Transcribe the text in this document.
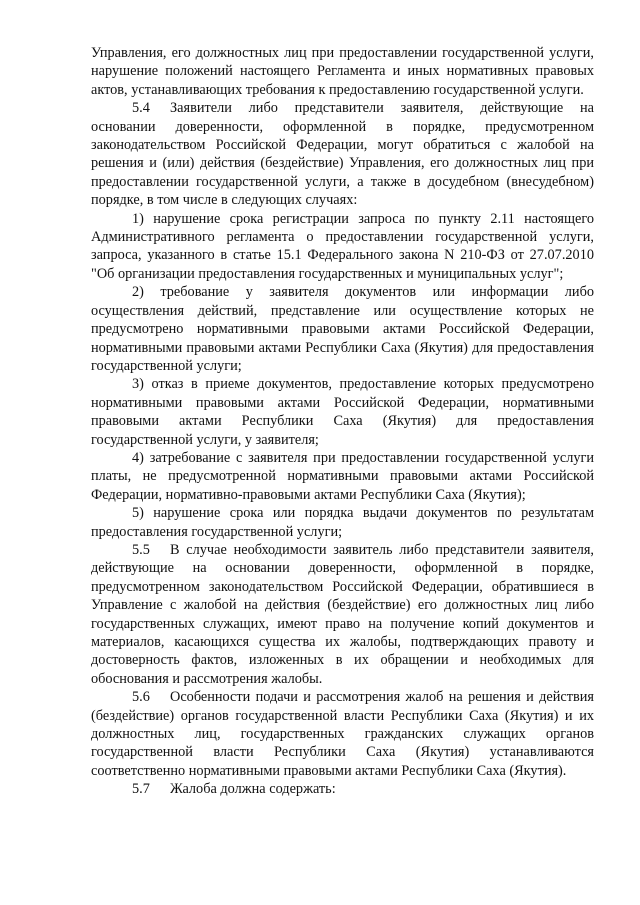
Управления, его должностных лиц при предоставлении государственной услуги, нарушение положений настоящего Регламента и иных нормативных правовых актов, устанавливающих требования к предоставлению государственной услуги.

5.4 Заявители либо представители заявителя, действующие на основании доверенности, оформленной в порядке, предусмотренном законодательством Российской Федерации, могут обратиться с жалобой на решения и (или) действия (бездействие) Управления, его должностных лиц при предоставлении государственной услуги, а также в досудебном (внесудебном) порядке, в том числе в следующих случаях:

1) нарушение срока регистрации запроса по пункту 2.11 настоящего Административного регламента о предоставлении государственной услуги, запроса, указанного в статье 15.1 Федерального закона N 210-ФЗ от 27.07.2010 "Об организации предоставления государственных и муниципальных услуг";

2) требование у заявителя документов или информации либо осуществления действий, представление или осуществление которых не предусмотрено нормативными правовыми актами Российской Федерации, нормативными правовыми актами Республики Саха (Якутия) для предоставления государственной услуги;

3) отказ в приеме документов, предоставление которых предусмотрено нормативными правовыми актами Российской Федерации, нормативными правовыми актами Республики Саха (Якутия) для предоставления государственной услуги, у заявителя;

4) затребование с заявителя при предоставлении государственной услуги платы, не предусмотренной нормативными правовыми актами Российской Федерации, нормативно-правовыми актами Республики Саха (Якутия);

5) нарушение срока или порядка выдачи документов по результатам предоставления государственной услуги;

5.5 В случае необходимости заявитель либо представители заявителя, действующие на основании доверенности, оформленной в порядке, предусмотренном законодательством Российской Федерации, обратившиеся в Управление с жалобой на действия (бездействие) его должностных лиц либо государственных служащих, имеют право на получение копий документов и материалов, касающихся существа их жалобы, подтверждающих правоту и достоверность фактов, изложенных в их обращении и необходимых для обоснования и рассмотрения жалобы.

5.6 Особенности подачи и рассмотрения жалоб на решения и действия (бездействие) органов государственной власти Республики Саха (Якутия) и их должностных лиц, государственных гражданских служащих органов государственной власти Республики Саха (Якутия) устанавливаются соответственно нормативными правовыми актами Республики Саха (Якутия).

5.7 Жалоба должна содержать:
